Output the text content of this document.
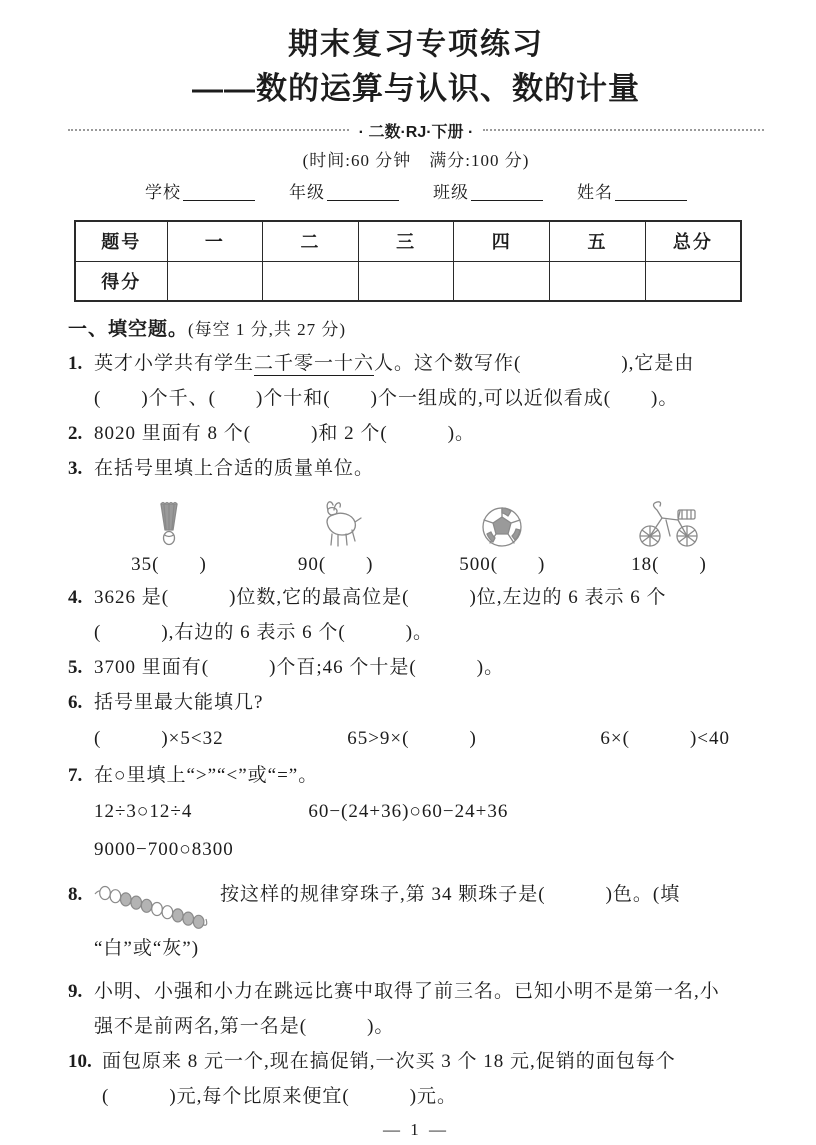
期末复习专项练习
——数的运算与认识、数的计量
· 二数·RJ·下册 ·
(时间:60 分钟　满分:100 分)
学校	年级	班级	姓名
题号	一	二	三	四	五	总分
得分						
一、填空题。(每空 1 分,共 27 分)
1. 英才小学共有学生二千零一十六人。这个数写作(　　　　　),它是由
(　　)个千、(　　)个十和(　　)个一组成的,可以近似看成(　　)。
2. 8020 里面有 8 个(　　　)和 2 个(　　　)。
3. 在括号里填上合适的质量单位。
35(　　)	90(　　)	500(　　)	18(　　)
4. 3626 是(　　　)位数,它的最高位是(　　　)位,左边的 6 表示 6 个
(　　　),右边的 6 表示 6 个(　　　)。
5. 3700 里面有(　　　)个百;46 个十是(　　　)。
6. 括号里最大能填几?
(　　　)×5<32	65>9×(　　　)	6×(　　　)<40
7. 在○里填上“>”“<”或“=”。
12÷3○12÷4	60−(24+36)○60−24+36
9000−700○8300
8.	按这样的规律穿珠子,第 34 颗珠子是(　　　)色。(填
“白”或“灰”)
9. 小明、小强和小力在跳远比赛中取得了前三名。已知小明不是第一名,小
强不是前两名,第一名是(　　　)。
10. 面包原来 8 元一个,现在搞促销,一次买 3 个 18 元,促销的面包每个
(　　　)元,每个比原来便宜(　　　)元。
— 1 —
